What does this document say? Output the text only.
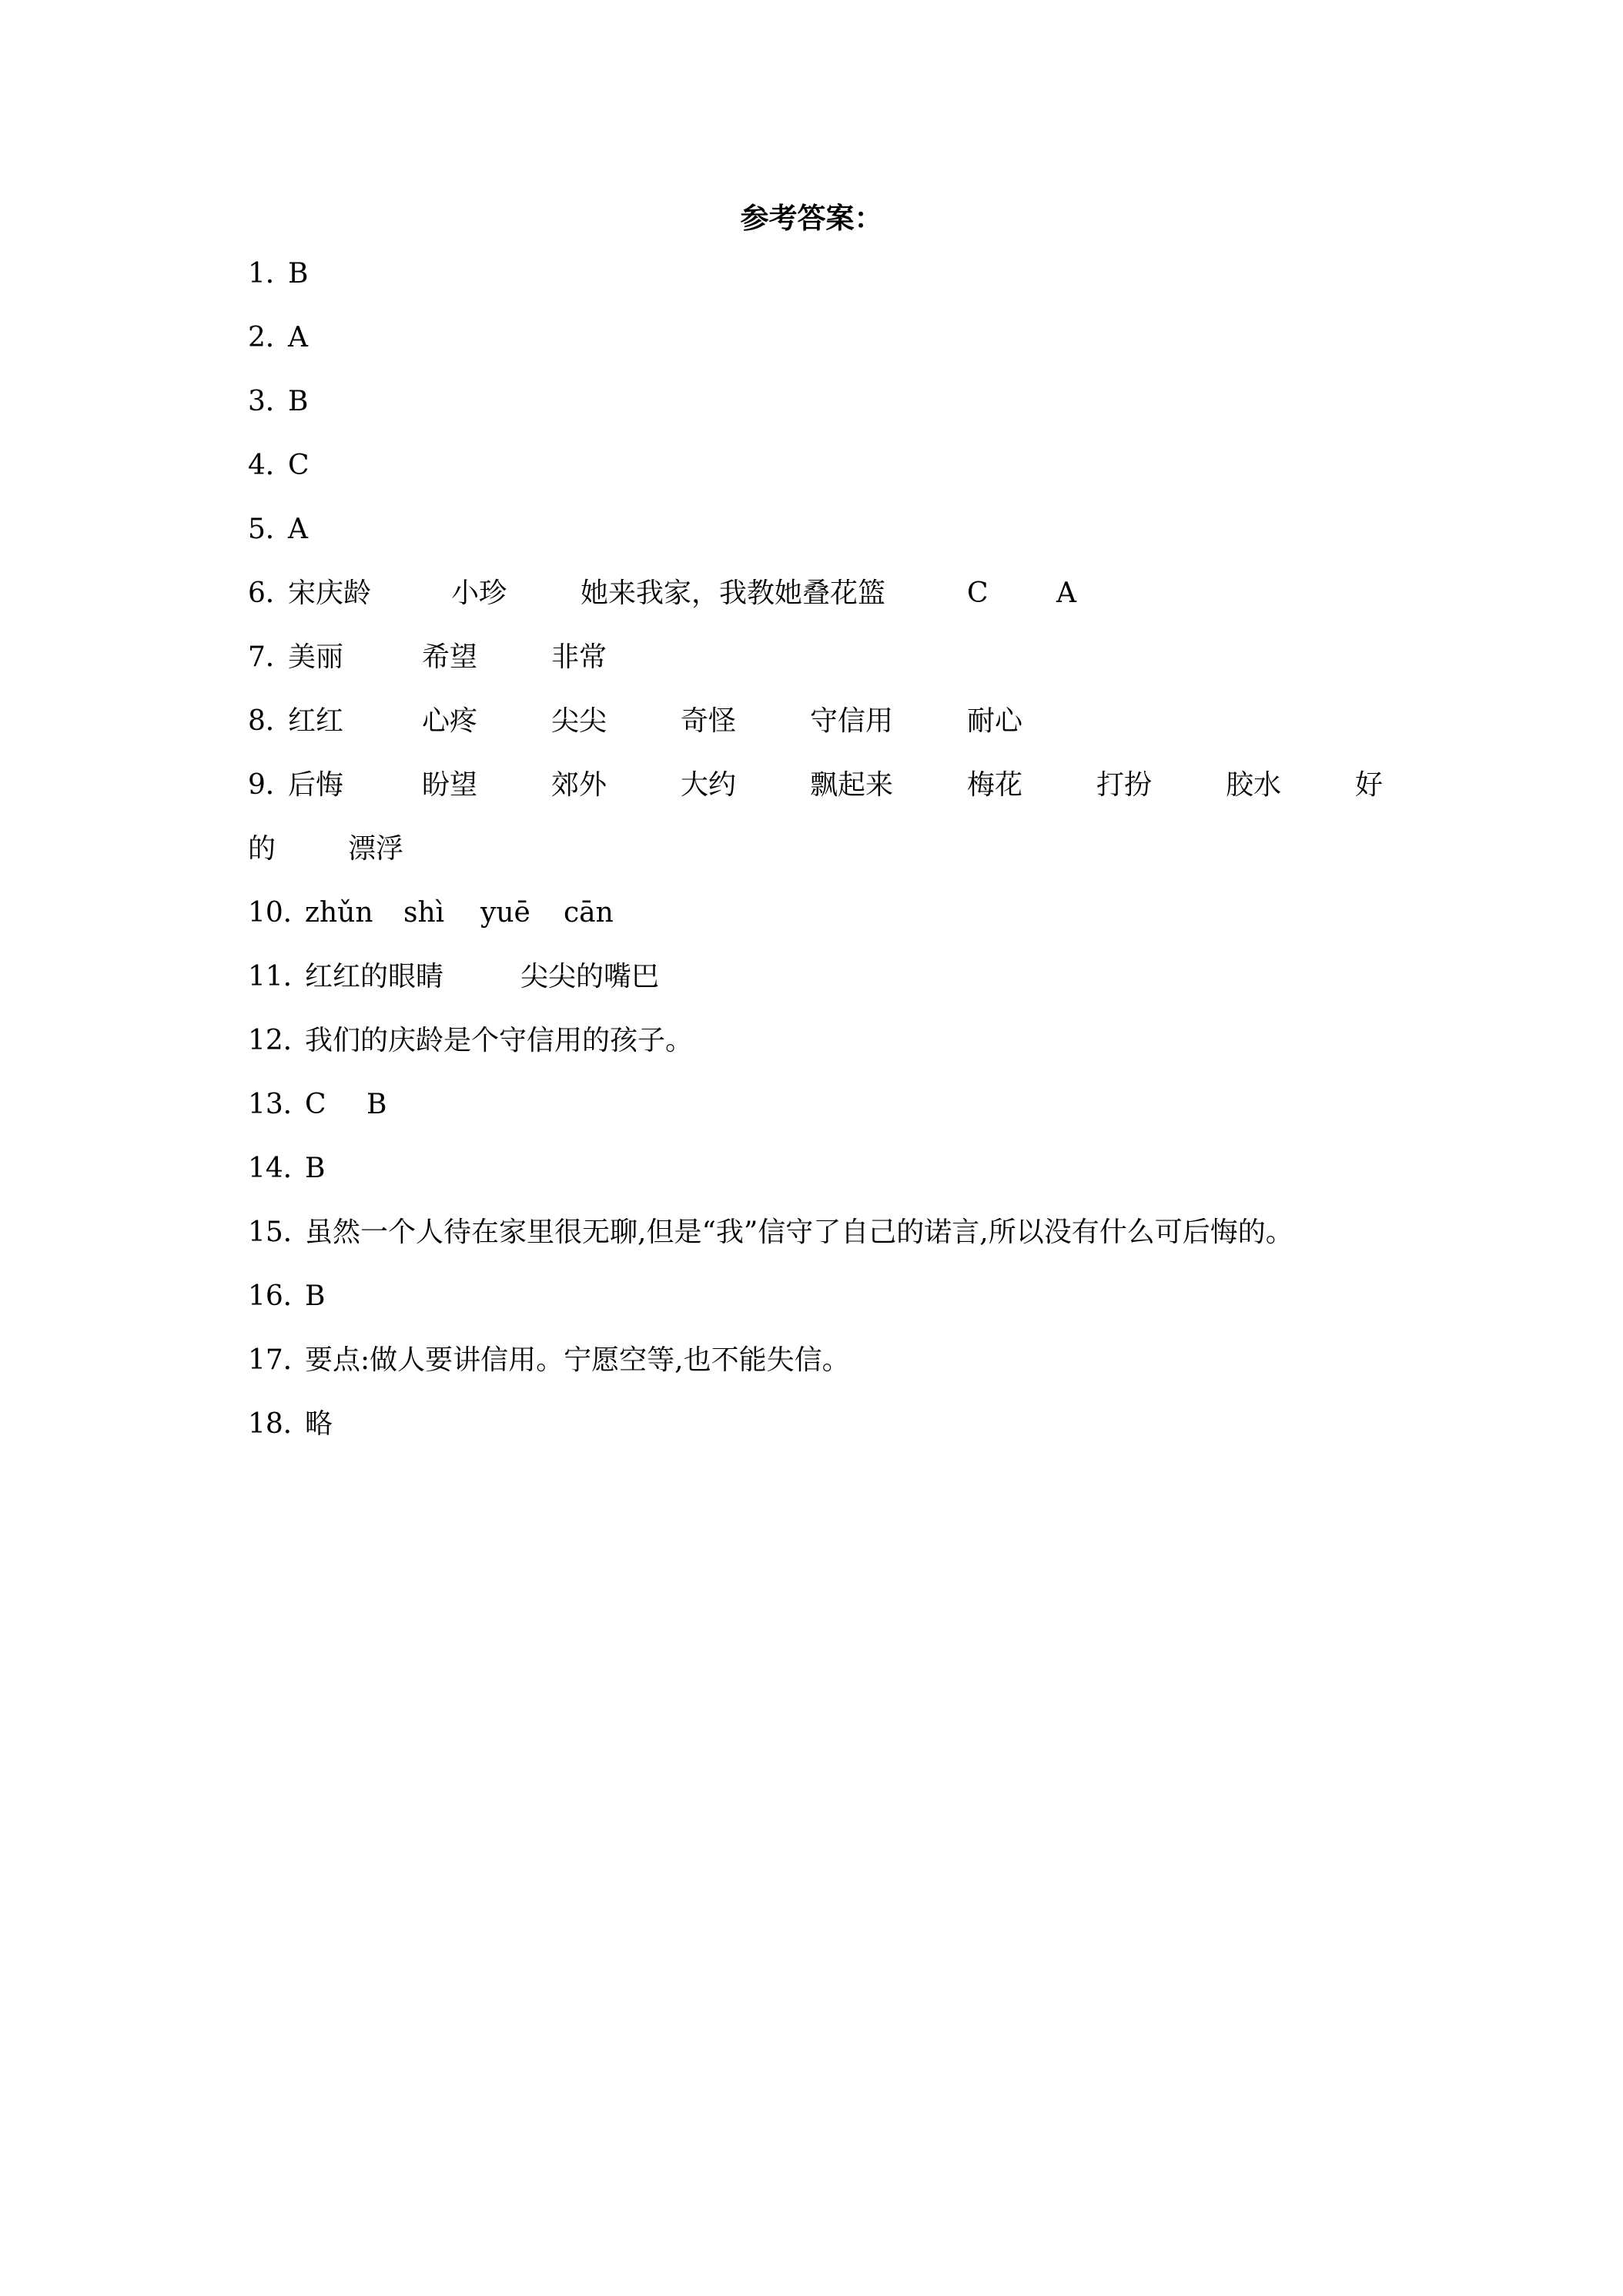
参考答案：
1．
B
2．
A
3．
B
4．
C
5．
A
6．
宋庆龄	小珍	她来我家，我教她叠花篮	C A
7．
美丽	希望	非常
8．
红红	心疼	尖尖	奇怪	守信用	耐心
9．
后悔	盼望	郊外	大约	飘起来	梅花	打扮	胶水	好
的	漂浮
10．
zhǔn shì yuē cān
11．
红红的眼睛	尖尖的嘴巴
12．
我们的庆龄是个守信用的孩子。
13．
C B
14．
B
15．
虽然一个人待在家里很无聊,但是“我”信守了自己的诺言,所以没有什么可后悔的。
16．
B
17．
要点:做人要讲信用。宁愿空等,也不能失信。
18．
略
